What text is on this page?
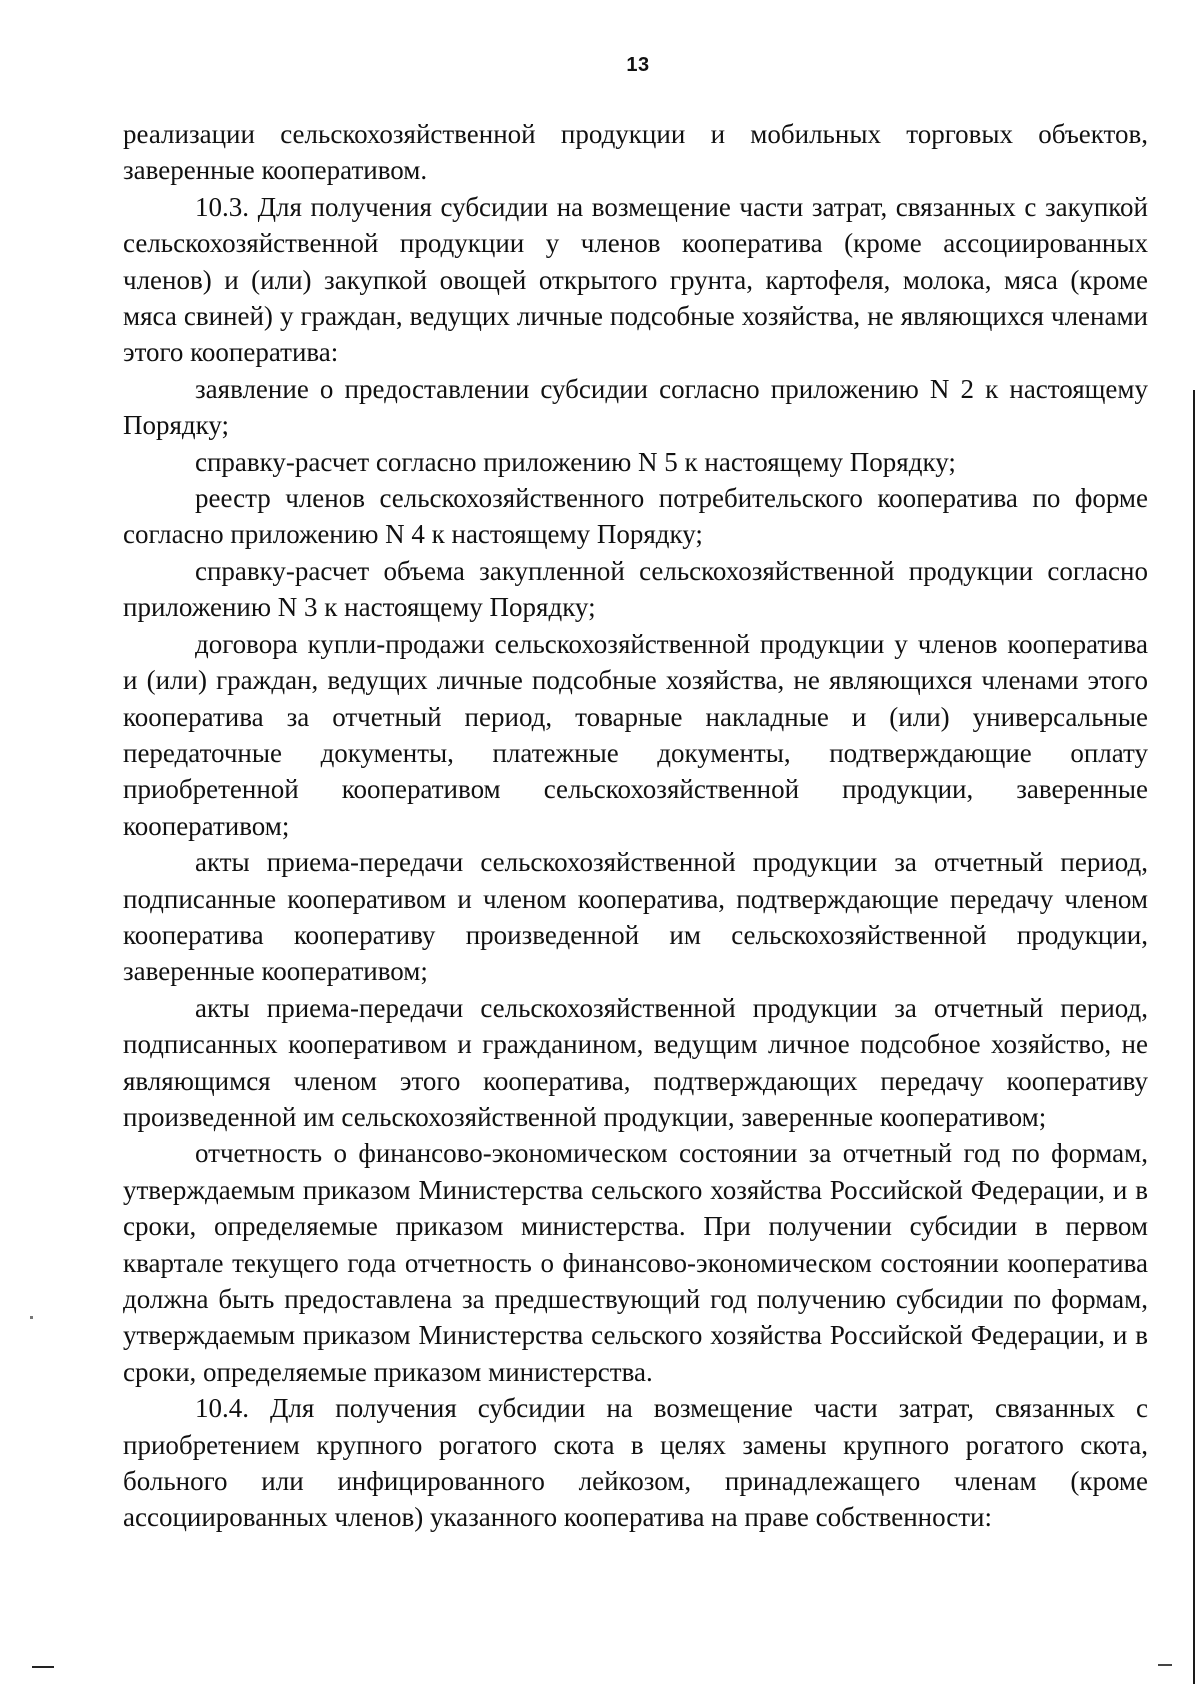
13

реализации сельскохозяйственной продукции и мобильных торговых объектов, заверенные кооперативом.

10.3. Для получения субсидии на возмещение части затрат, связанных с закупкой сельскохозяйственной продукции у членов кооператива (кроме ассоциированных членов) и (или) закупкой овощей открытого грунта, картофеля, молока, мяса (кроме мяса свиней) у граждан, ведущих личные подсобные хозяйства, не являющихся членами этого кооператива:

заявление о предоставлении субсидии согласно приложению N 2 к настоящему Порядку;

справку-расчет согласно приложению N 5 к настоящему Порядку;

реестр членов сельскохозяйственного потребительского кооператива по форме согласно приложению N 4 к настоящему Порядку;

справку-расчет объема закупленной сельскохозяйственной продукции согласно приложению N 3 к настоящему Порядку;

договора купли-продажи сельскохозяйственной продукции у членов кооператива и (или) граждан, ведущих личные подсобные хозяйства, не являющихся членами этого кооператива за отчетный период, товарные накладные и (или) универсальные передаточные документы, платежные документы, подтверждающие оплату приобретенной кооперативом сельскохозяйственной продукции, заверенные кооперативом;

акты приема-передачи сельскохозяйственной продукции за отчетный период, подписанные кооперативом и членом кооператива, подтверждающие передачу членом кооператива кооперативу произведенной им сельскохозяйственной продукции, заверенные кооперативом;

акты приема-передачи сельскохозяйственной продукции за отчетный период, подписанных кооперативом и гражданином, ведущим личное подсобное хозяйство, не являющимся членом этого кооператива, подтверждающих передачу кооперативу произведенной им сельскохозяйственной продукции, заверенные кооперативом;

отчетность о финансово-экономическом состоянии за отчетный год по формам, утверждаемым приказом Министерства сельского хозяйства Российской Федерации, и в сроки, определяемые приказом министерства. При получении субсидии в первом квартале текущего года отчетность о финансово-экономическом состоянии кооператива должна быть предоставлена за предшествующий год получению субсидии по формам, утверждаемым приказом Министерства сельского хозяйства Российской Федерации, и в сроки, определяемые приказом министерства.

10.4. Для получения субсидии на возмещение части затрат, связанных с приобретением крупного рогатого скота в целях замены крупного рогатого скота, больного или инфицированного лейкозом, принадлежащего членам (кроме ассоциированных членов) указанного кооператива на праве собственности:
